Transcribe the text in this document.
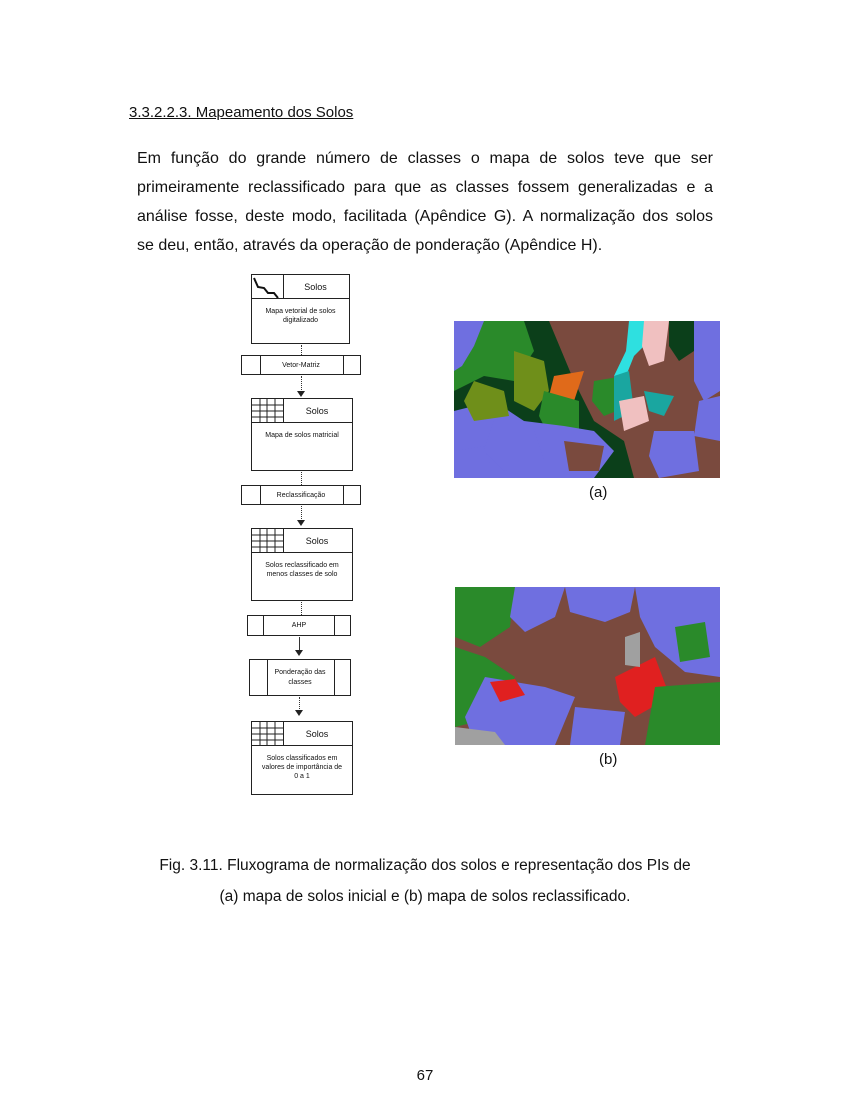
3.3.2.2.3. Mapeamento dos Solos
Em função do grande número de classes o mapa de solos teve que ser
primeiramente reclassificado para que as classes fossem generalizadas e a
análise fosse, deste modo, facilitada (Apêndice G). A normalização dos solos
se deu, então, através da operação de ponderação (Apêndice H).
Solos
Mapa vetorial de solos digitalizado
Vetor-Matriz
Solos
Mapa de solos matricial
Reclassificação
Solos
Solos reclassificado em menos classes de solo
AHP
Ponderação das classes
Solos
Solos classificados em valores de importância de 0 a 1
(a)
(b)
Fig. 3.11. Fluxograma de normalização dos solos e representação dos PIs de
(a) mapa de solos inicial e (b) mapa de solos reclassificado.
67
